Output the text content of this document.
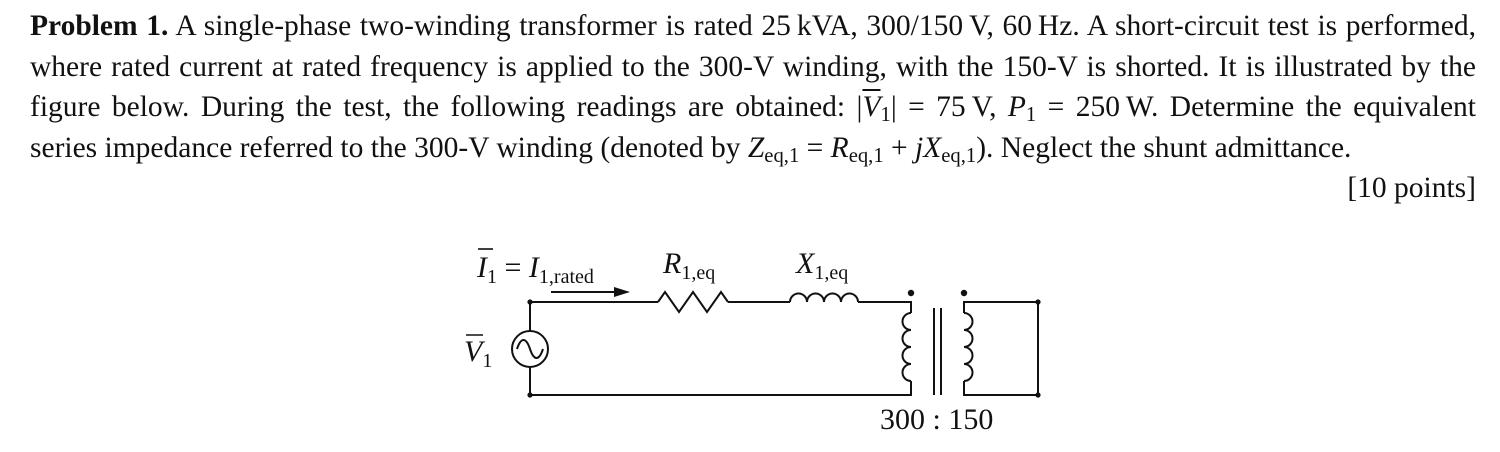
Problem 1. A single-phase two-winding transformer is rated 25 kVA, 300/150 V, 60 Hz. A short-circuit test is performed, where rated current at rated frequency is applied to the 300-V winding, with the 150-V is shorted. It is illustrated by the figure below. During the test, the following readings are obtained: $|\overline{V}_1| = 75$ V, $P_1 = 250$ W. Determine the equivalent series impedance referred to the 300-V winding (denoted by $Z_{eq,1} = R_{eq,1} + jX_{eq,1}$). Neglect the shunt admittance.
[10 points]
$I_1 = I_{1,rated}$ $R_{1,eq}$	$X_{1,eq}$
$V_1$
300 : 150
